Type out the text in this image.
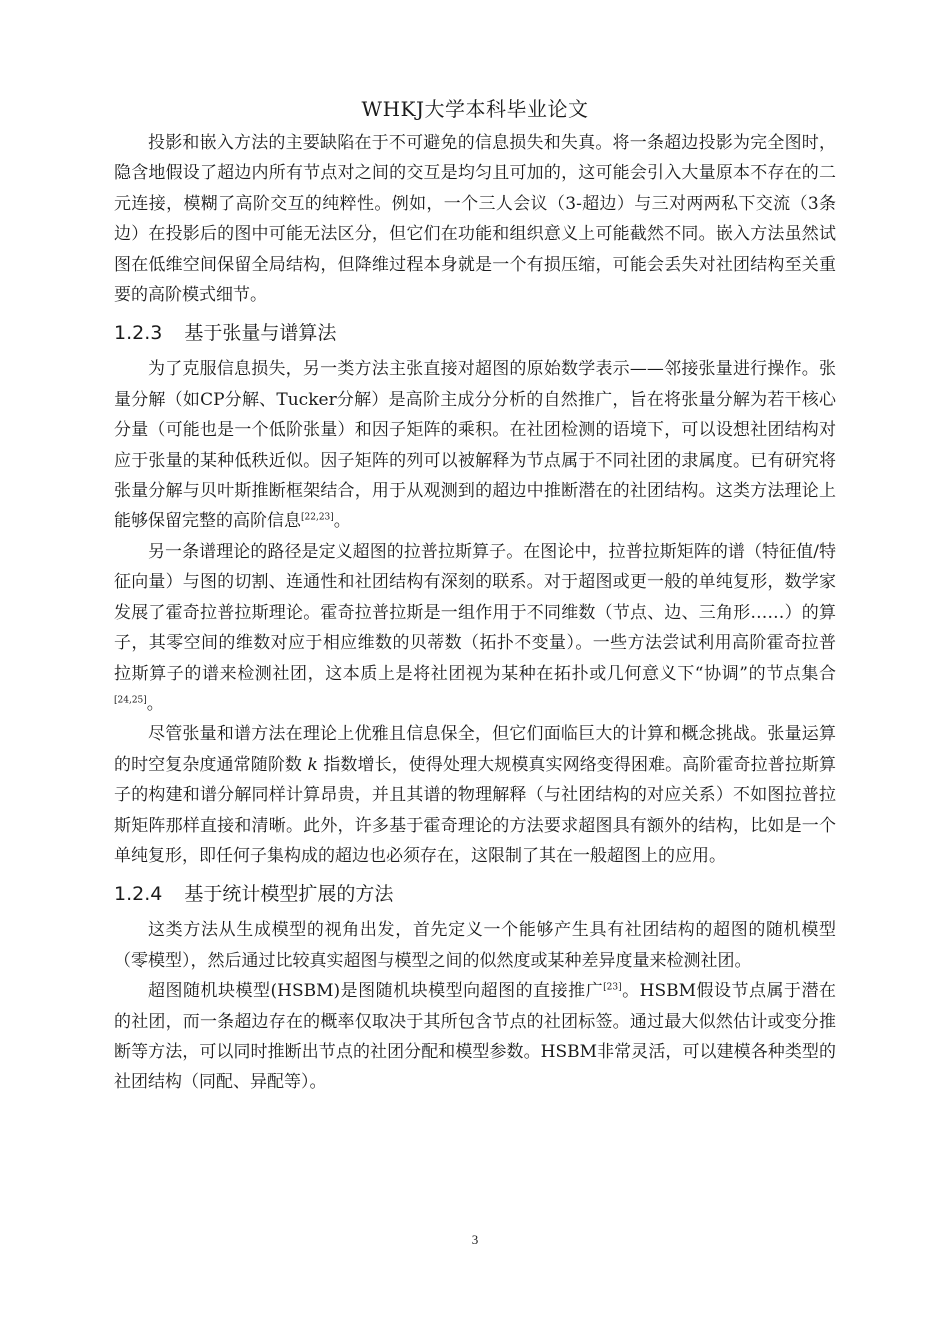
WHKJ大学本科毕业论文

投影和嵌入方法的主要缺陷在于不可避免的信息损失和失真。将一条超边投影为完全图时，隐含地假设了超边内所有节点对之间的交互是均匀且可加的，这可能会引入大量原本不存在的二元连接，模糊了高阶交互的纯粹性。例如，一个三人会议（3-超边）与三对两两私下交流（3条边）在投影后的图中可能无法区分，但它们在功能和组织意义上可能截然不同。嵌入方法虽然试图在低维空间保留全局结构，但降维过程本身就是一个有损压缩，可能会丢失对社团结构至关重要的高阶模式细节。

1.2.3 基于张量与谱算法

为了克服信息损失，另一类方法主张直接对超图的原始数学表示——邻接张量进行操作。张量分解（如CP分解、Tucker分解）是高阶主成分分析的自然推广，旨在将张量分解为若干核心分量（可能也是一个低阶张量）和因子矩阵的乘积。在社团检测的语境下，可以设想社团结构对应于张量的某种低秩近似。因子矩阵的列可以被解释为节点属于不同社团的隶属度。已有研究将张量分解与贝叶斯推断框架结合，用于从观测到的超边中推断潜在的社团结构。这类方法理论上能够保留完整的高阶信息[22,23]。

另一条谱理论的路径是定义超图的拉普拉斯算子。在图论中，拉普拉斯矩阵的谱（特征值/特征向量）与图的切割、连通性和社团结构有深刻的联系。对于超图或更一般的单纯复形，数学家发展了霍奇拉普拉斯理论。霍奇拉普拉斯是一组作用于不同维数（节点、边、三角形……）的算子，其零空间的维数对应于相应维数的贝蒂数（拓扑不变量）。一些方法尝试利用高阶霍奇拉普拉斯算子的谱来检测社团，这本质上是将社团视为某种在拓扑或几何意义下“协调”的节点集合[24,25]。

尽管张量和谱方法在理论上优雅且信息保全，但它们面临巨大的计算和概念挑战。张量运算的时空复杂度通常随阶数 k 指数增长，使得处理大规模真实网络变得困难。高阶霍奇拉普拉斯算子的构建和谱分解同样计算昂贵，并且其谱的物理解释（与社团结构的对应关系）不如图拉普拉斯矩阵那样直接和清晰。此外，许多基于霍奇理论的方法要求超图具有额外的结构，比如是一个单纯复形，即任何子集构成的超边也必须存在，这限制了其在一般超图上的应用。

1.2.4 基于统计模型扩展的方法

这类方法从生成模型的视角出发，首先定义一个能够产生具有社团结构的超图的随机模型（零模型），然后通过比较真实超图与模型之间的似然度或某种差异度量来检测社团。

超图随机块模型(HSBM)是图随机块模型向超图的直接推广[23]。HSBM假设节点属于潜在的社团，而一条超边存在的概率仅取决于其所包含节点的社团标签。通过最大似然估计或变分推断等方法，可以同时推断出节点的社团分配和模型参数。HSBM非常灵活，可以建模各种类型的社团结构（同配、异配等）。

3
